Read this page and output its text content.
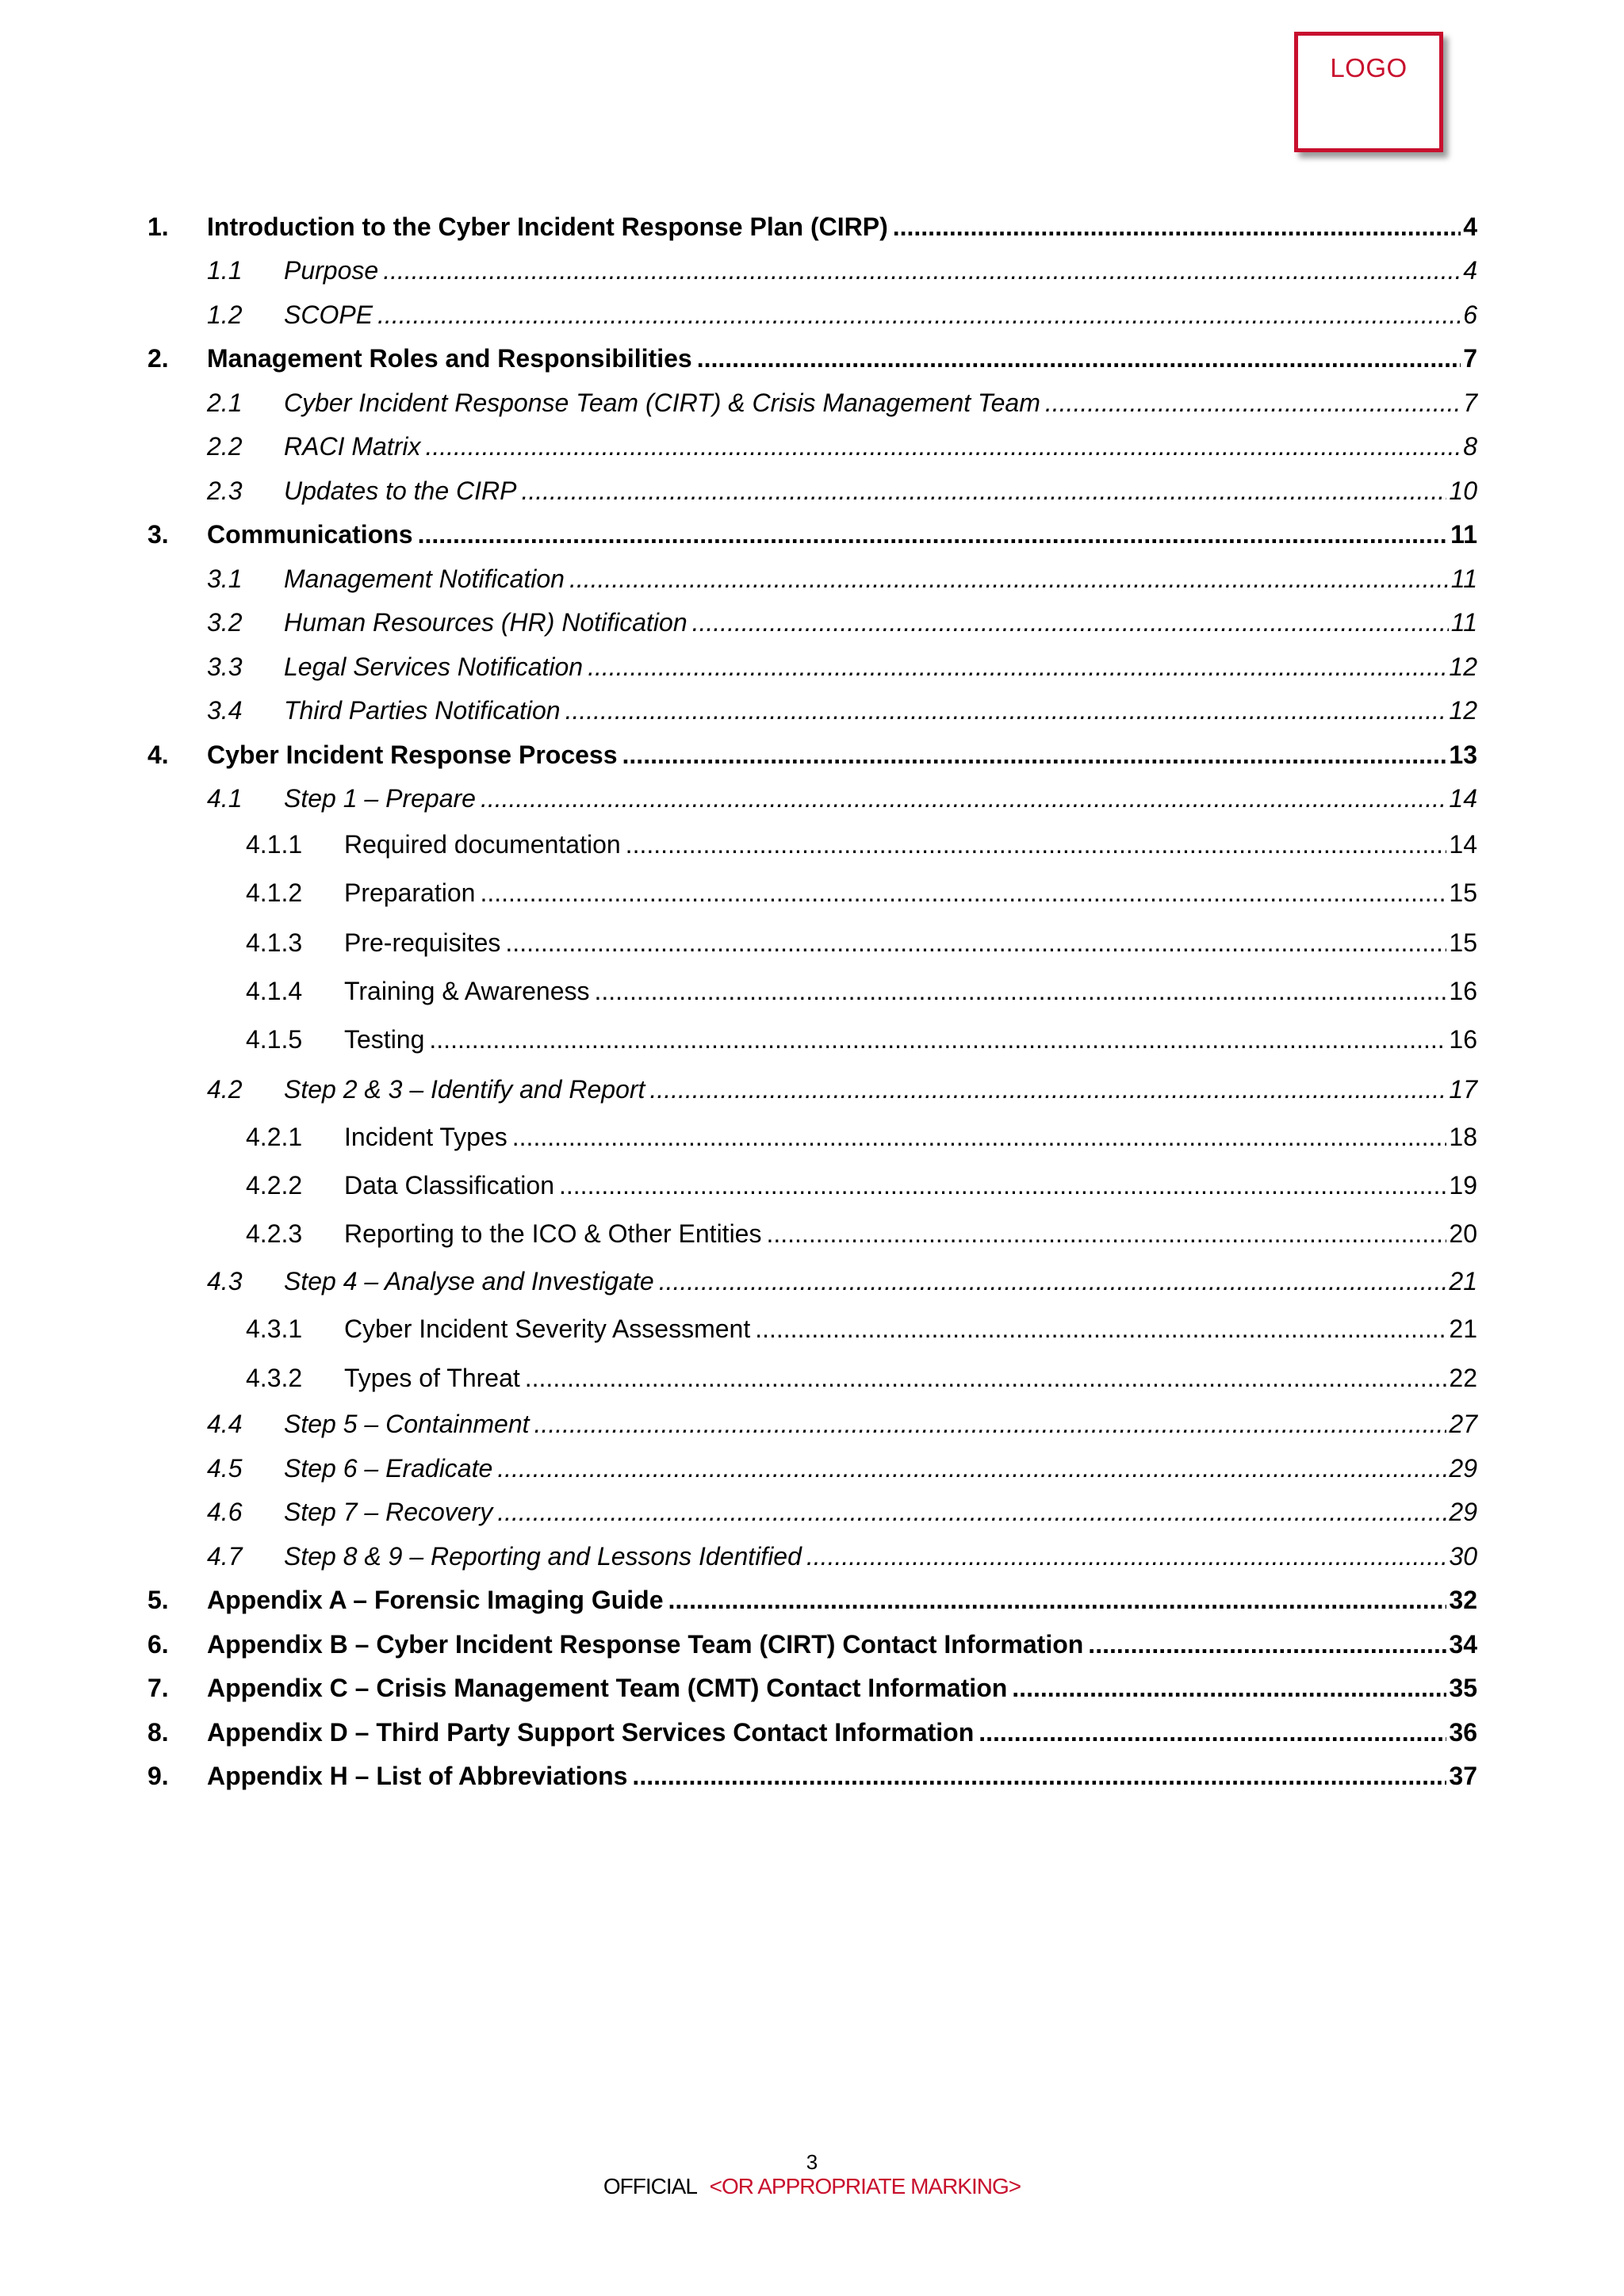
LOGO
1. Introduction to the Cyber Incident Response Plan (CIRP) .....	4
1.1 Purpose .....	4
1.2 SCOPE .....	6
2. Management Roles and Responsibilities .....	7
2.1 Cyber Incident Response Team (CIRT) & Crisis Management Team .....	7
2.2 RACI Matrix .....	8
2.3 Updates to the CIRP .....	10
3. Communications .....	11
3.1 Management Notification .....	11
3.2 Human Resources (HR) Notification .....	11
3.3 Legal Services Notification .....	12
3.4 Third Parties Notification .....	12
4. Cyber Incident Response Process .....	13
4.1 Step 1 – Prepare .....	14
4.1.1 Required documentation .....	14
4.1.2 Preparation .....	15
4.1.3 Pre-requisites .....	15
4.1.4 Training & Awareness .....	16
4.1.5 Testing .....	16
4.2 Step 2 & 3 – Identify and Report .....	17
4.2.1 Incident Types .....	18
4.2.2 Data Classification .....	19
4.2.3 Reporting to the ICO & Other Entities .....	20
4.3 Step 4 – Analyse and Investigate .....	21
4.3.1 Cyber Incident Severity Assessment .....	21
4.3.2 Types of Threat .....	22
4.4 Step 5 – Containment .....	27
4.5 Step 6 – Eradicate .....	29
4.6 Step 7 – Recovery .....	29
4.7 Step 8 & 9 – Reporting and Lessons Identified .....	30
5. Appendix A – Forensic Imaging Guide .....	32
6. Appendix B – Cyber Incident Response Team (CIRT) Contact Information .....	34
7. Appendix C – Crisis Management Team (CMT) Contact Information .....	35
8. Appendix D – Third Party Support Services Contact Information .....	36
9. Appendix H – List of Abbreviations .....	37
3
OFFICIAL <OR APPROPRIATE MARKING>
